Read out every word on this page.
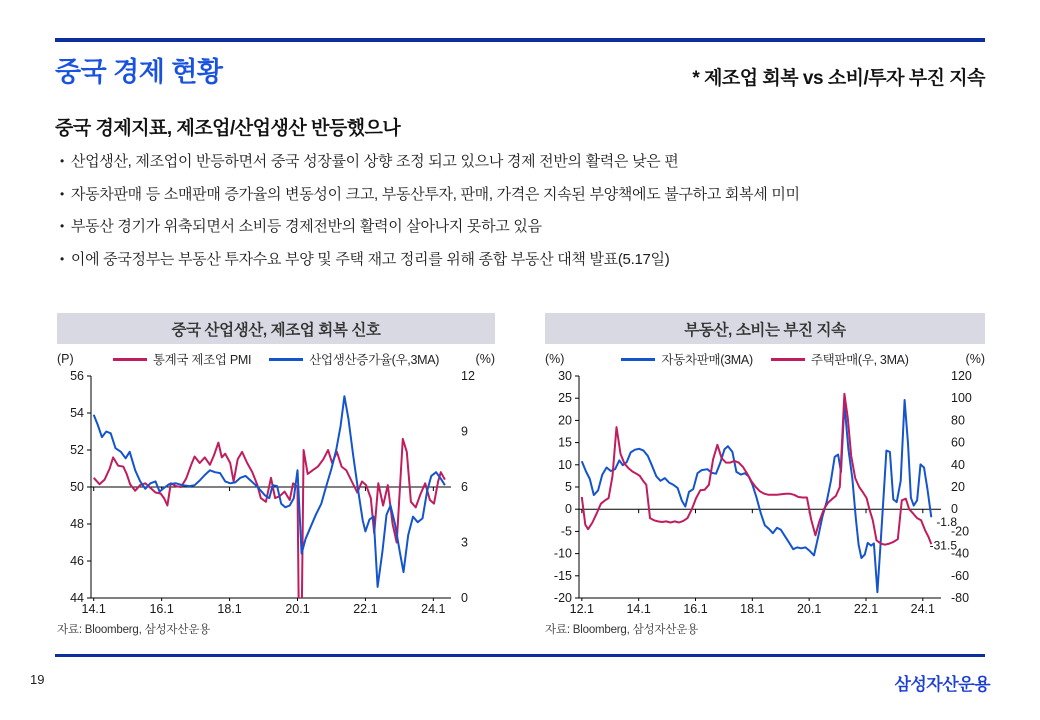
중국 경제 현황	* 제조업 회복 vs 소비/투자 부진 지속
중국 경제지표, 제조업/산업생산 반등했으나
• 산업생산, 제조업이 반등하면서 중국 성장률이 상향 조정 되고 있으나 경제 전반의 활력은 낮은 편
• 자동차판매 등 소매판매 증가율의 변동성이 크고, 부동산투자, 판매, 가격은 지속된 부양책에도 불구하고 회복세 미미
• 부동산 경기가 위축되면서 소비등 경제전반의 활력이 살아나지 못하고 있음
• 이에 중국정부는 부동산 투자수요 부양 및 주택 재고 정리를 위해 종합 부동산 대책 발표(5.17일)
중국 산업생산, 제조업 회복 신호
(P)	통계국 제조업 PMI	산업생산증가율(우,3MA)	(%)
44
46
48
50
52
54
56
0
3
6
9
12
14.1	16.1	18.1	20.1	22.1	24.1
자료: Bloomberg, 삼성자산운용
부동산, 소비는 부진 지속
(%)	자동차판매(3MA)	주택판매(우, 3MA)	(%)
-20
-15
-10
-5
0
5
10
15
20
25
30
-80
-60
-40
-20
0
20
40
60
80
100
120
12.1	14.1	16.1	18.1	20.1	22.1	24.1
-1.8
-31.5
자료: Bloomberg, 삼성자산운용
19	삼성자산운용
